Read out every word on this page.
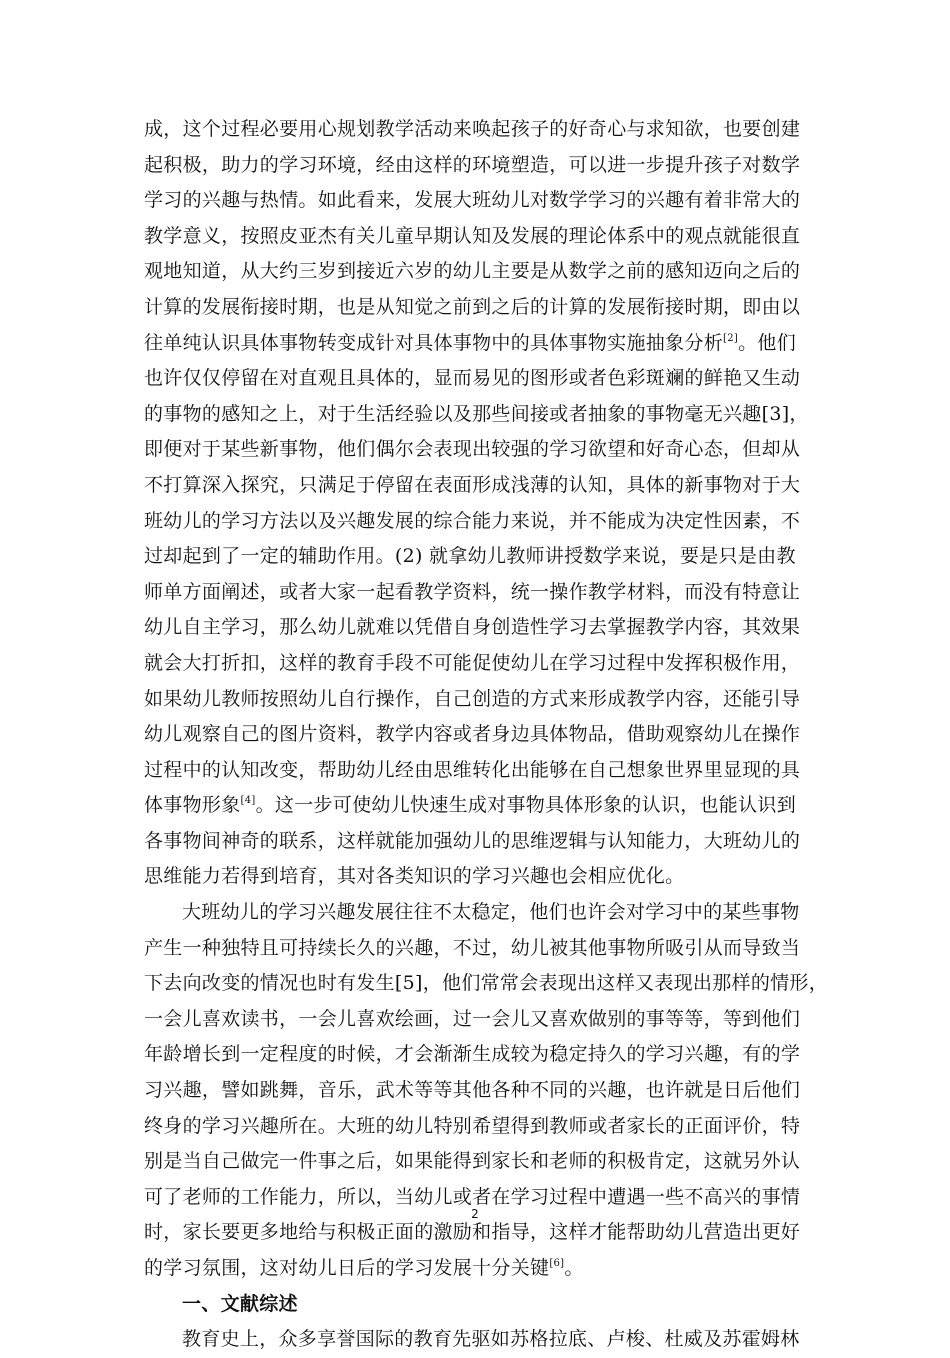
成，这个过程必要用心规划教学活动来唤起孩子的好奇心与求知欲，也要创建
起积极，助力的学习环境，经由这样的环境塑造，可以进一步提升孩子对数学
学习的兴趣与热情。如此看来，发展大班幼儿对数学学习的兴趣有着非常大的
教学意义，按照皮亚杰有关儿童早期认知及发展的理论体系中的观点就能很直
观地知道，从大约三岁到接近六岁的幼儿主要是从数学之前的感知迈向之后的
计算的发展衔接时期，也是从知觉之前到之后的计算的发展衔接时期，即由以
往单纯认识具体事物转变成针对具体事物中的具体事物实施抽象分析[2]。他们
也许仅仅停留在对直观且具体的，显而易见的图形或者色彩斑斓的鲜艳又生动
的事物的感知之上，对于生活经验以及那些间接或者抽象的事物毫无兴趣[3]，
即便对于某些新事物，他们偶尔会表现出较强的学习欲望和好奇心态，但却从
不打算深入探究，只满足于停留在表面形成浅薄的认知，具体的新事物对于大
班幼儿的学习方法以及兴趣发展的综合能力来说，并不能成为决定性因素，不
过却起到了一定的辅助作用。(2) 就拿幼儿教师讲授数学来说，要是只是由教
师单方面阐述，或者大家一起看教学资料，统一操作教学材料，而没有特意让
幼儿自主学习，那么幼儿就难以凭借自身创造性学习去掌握教学内容，其效果
就会大打折扣，这样的教育手段不可能促使幼儿在学习过程中发挥积极作用，
如果幼儿教师按照幼儿自行操作，自己创造的方式来形成教学内容，还能引导
幼儿观察自己的图片资料，教学内容或者身边具体物品，借助观察幼儿在操作
过程中的认知改变，帮助幼儿经由思维转化出能够在自己想象世界里显现的具
体事物形象[4]。这一步可使幼儿快速生成对事物具体形象的认识，也能认识到
各事物间神奇的联系，这样就能加强幼儿的思维逻辑与认知能力，大班幼儿的
思维能力若得到培育，其对各类知识的学习兴趣也会相应优化。
大班幼儿的学习兴趣发展往往不太稳定，他们也许会对学习中的某些事物
产生一种独特且可持续长久的兴趣，不过，幼儿被其他事物所吸引从而导致当
下去向改变的情况也时有发生[5]，他们常常会表现出这样又表现出那样的情形，
一会儿喜欢读书，一会儿喜欢绘画，过一会儿又喜欢做别的事等等，等到他们
年龄增长到一定程度的时候，才会渐渐生成较为稳定持久的学习兴趣，有的学
习兴趣，譬如跳舞，音乐，武术等等其他各种不同的兴趣，也许就是日后他们
终身的学习兴趣所在。大班的幼儿特别希望得到教师或者家长的正面评价，特
别是当自己做完一件事之后，如果能得到家长和老师的积极肯定，这就另外认
可了老师的工作能力，所以，当幼儿或者在学习过程中遭遇一些不高兴的事情
时，家长要更多地给与积极正面的激励和指导，这样才能帮助幼儿营造出更好
的学习氛围，这对幼儿日后的学习发展十分关键[6]。
一、文献综述
教育史上，众多享誉国际的教育先驱如苏格拉底、卢梭、杜威及苏霍姆林
2
